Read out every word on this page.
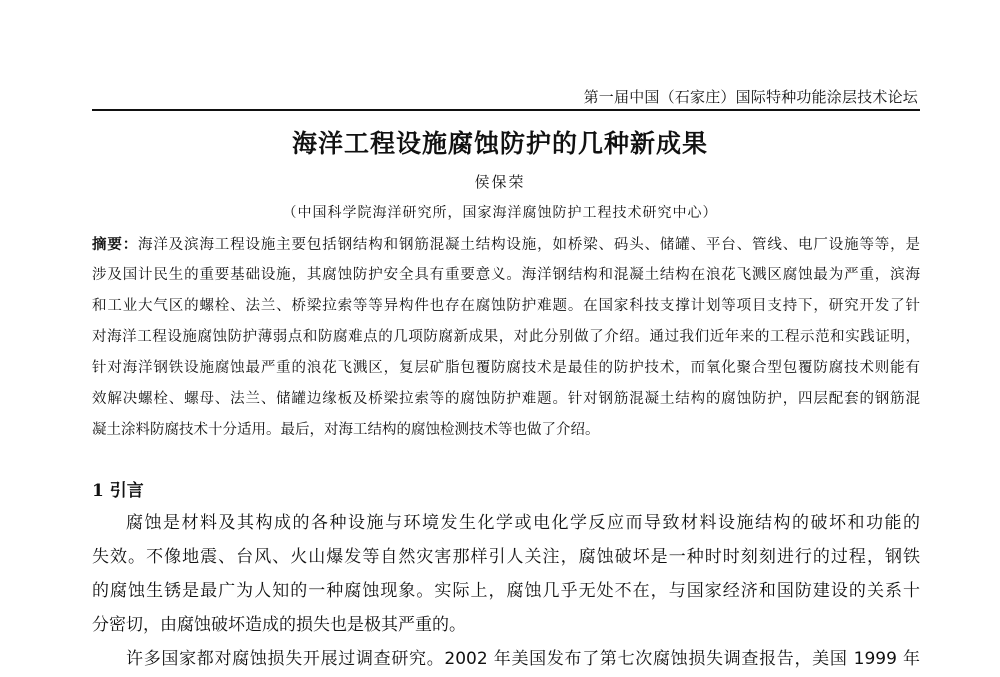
第一届中国（石家庄）国际特种功能涂层技术论坛
海洋工程设施腐蚀防护的几种新成果
侯保荣
（中国科学院海洋研究所，国家海洋腐蚀防护工程技术研究中心）
摘要：海洋及滨海工程设施主要包括钢结构和钢筋混凝土结构设施，如桥梁、码头、储罐、平台、管线、电厂设施等等，是
涉及国计民生的重要基础设施，其腐蚀防护安全具有重要意义。海洋钢结构和混凝土结构在浪花飞溅区腐蚀最为严重，滨海
和工业大气区的螺栓、法兰、桥梁拉索等等异构件也存在腐蚀防护难题。在国家科技支撑计划等项目支持下，研究开发了针
对海洋工程设施腐蚀防护薄弱点和防腐难点的几项防腐新成果，对此分别做了介绍。通过我们近年来的工程示范和实践证明，
针对海洋钢铁设施腐蚀最严重的浪花飞溅区，复层矿脂包覆防腐技术是最佳的防护技术，而氧化聚合型包覆防腐技术则能有
效解决螺栓、螺母、法兰、储罐边缘板及桥梁拉索等的腐蚀防护难题。针对钢筋混凝土结构的腐蚀防护，四层配套的钢筋混
凝土涂料防腐技术十分适用。最后，对海工结构的腐蚀检测技术等也做了介绍。
1 引言
腐蚀是材料及其构成的各种设施与环境发生化学或电化学反应而导致材料设施结构的破坏和功能的
失效。不像地震、台风、火山爆发等自然灾害那样引人关注，腐蚀破坏是一种时时刻刻进行的过程，钢铁
的腐蚀生锈是最广为人知的一种腐蚀现象。实际上，腐蚀几乎无处不在，与国家经济和国防建设的关系十
分密切，由腐蚀破坏造成的损失也是极其严重的。
许多国家都对腐蚀损失开展过调查研究。2002 年美国发布了第七次腐蚀损失调查报告，美国 1999 年
